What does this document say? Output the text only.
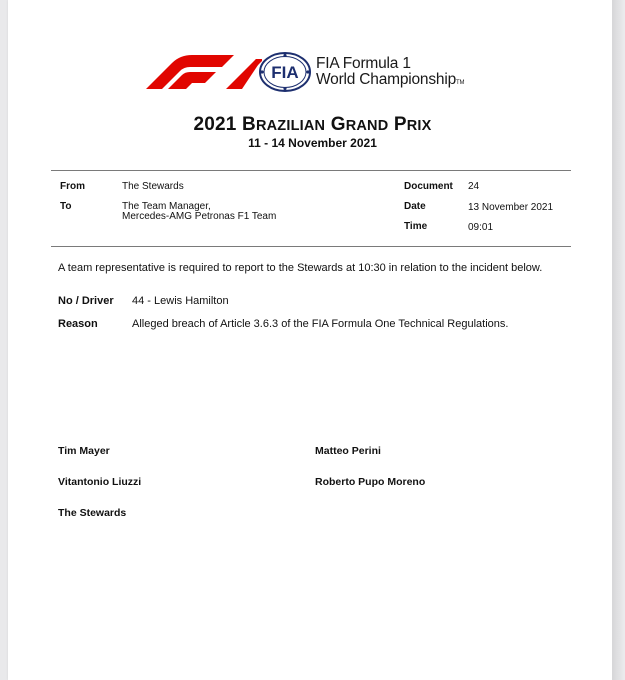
FIA FIA Formula 1
World ChampionshipTM
2021 BRAZILIAN GRAND PRIX
11 - 14 November 2021
From	The Stewards
To	The Team Manager,
Mercedes-AMG Petronas F1 Team
Document 24
Date	13 November 2021
Time	09:01
A team representative is required to report to the Stewards at 10:30 in relation to the incident below.
No / Driver 44 - Lewis Hamilton
Reason	Alleged breach of Article 3.6.3 of the FIA Formula One Technical Regulations.
Tim Mayer	Matteo Perini
Vitantonio Liuzzi	Roberto Pupo Moreno
The Stewards
